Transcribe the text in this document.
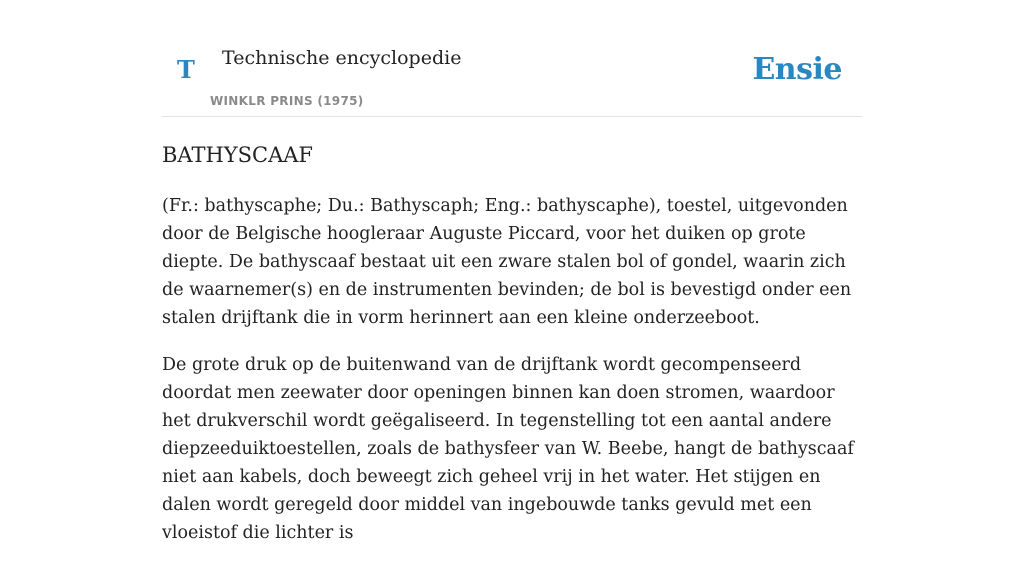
T Technische encyclopedie
WINKLR PRINS (1975)
Ensie
BATHYSCAAF

(Fr.: bathyscaphe; Du.: Bathyscaph; Eng.: bathyscaphe), toestel, uitgevonden door de Belgische hoogleraar Auguste Piccard, voor het duiken op grote diepte. De bathyscaaf bestaat uit een zware stalen bol of gondel, waarin zich de waarnemer(s) en de instrumenten bevinden; de bol is bevestigd onder een stalen drijftank die in vorm herinnert aan een kleine onderzeeboot.

De grote druk op de buitenwand van de drijftank wordt gecompenseerd doordat men zeewater door openingen binnen kan doen stromen, waardoor het drukverschil wordt geëgaliseerd. In tegenstelling tot een aantal andere diepzeeduiktoestellen, zoals de bathysfeer van W. Beebe, hangt de bathyscaaf niet aan kabels, doch beweegt zich geheel vrij in het water. Het stijgen en dalen wordt geregeld door middel van ingebouwde tanks gevuld met een vloeistof die lichter is
